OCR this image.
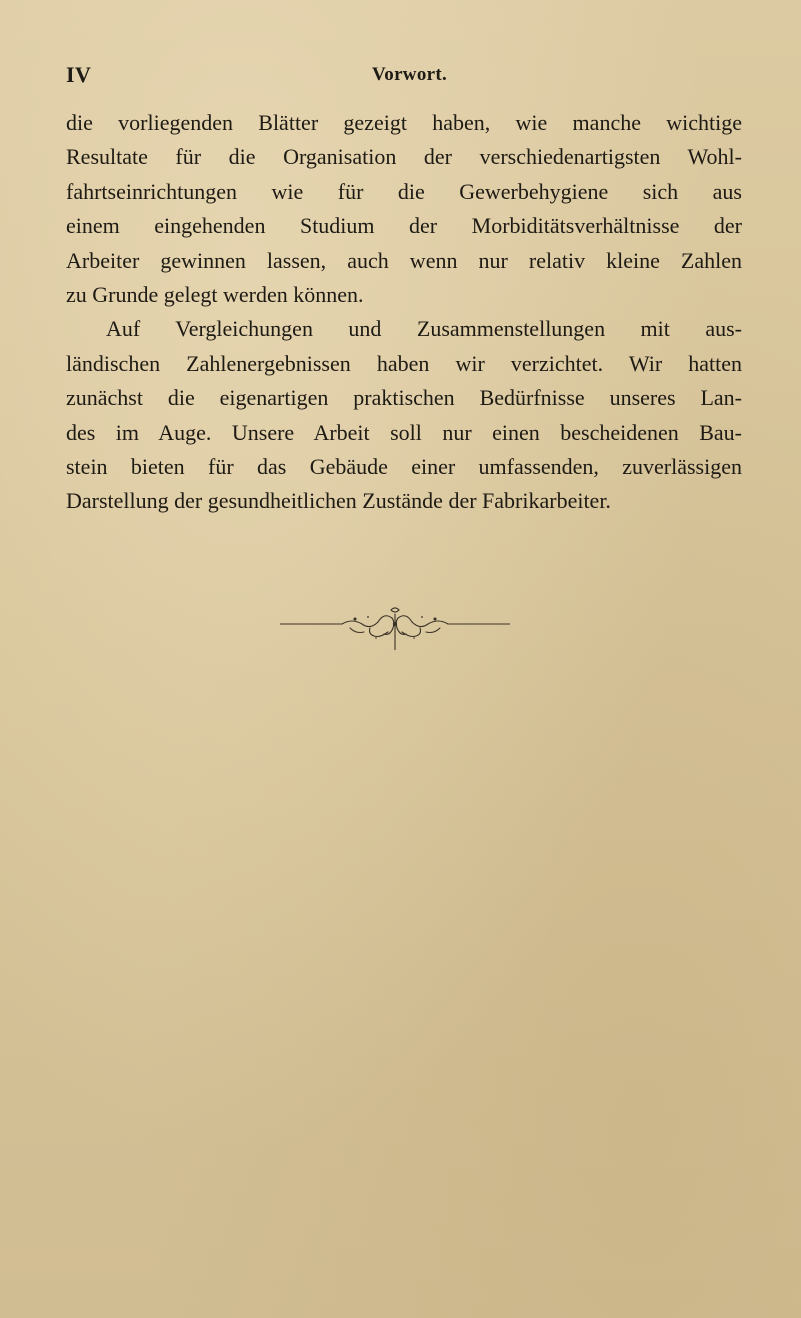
IV	Vorwort.
die vorliegenden Blätter gezeigt haben, wie manche wichtige
Resultate für die Organisation der verschiedenartigsten Wohl-
fahrtseinrichtungen wie für die Gewerbehygiene sich aus
einem eingehenden Studium der Morbiditätsverhältnisse der
Arbeiter gewinnen lassen, auch wenn nur relativ kleine Zahlen
zu Grunde gelegt werden können.
Auf Vergleichungen und Zusammenstellungen mit aus-
ländischen Zahlenergebnissen haben wir verzichtet. Wir hatten
zunächst die eigenartigen praktischen Bedürfnisse unseres Lan-
des im Auge. Unsere Arbeit soll nur einen bescheidenen Bau-
stein bieten für das Gebäude einer umfassenden, zuverlässigen
Darstellung der gesundheitlichen Zustände der Fabrikarbeiter.
